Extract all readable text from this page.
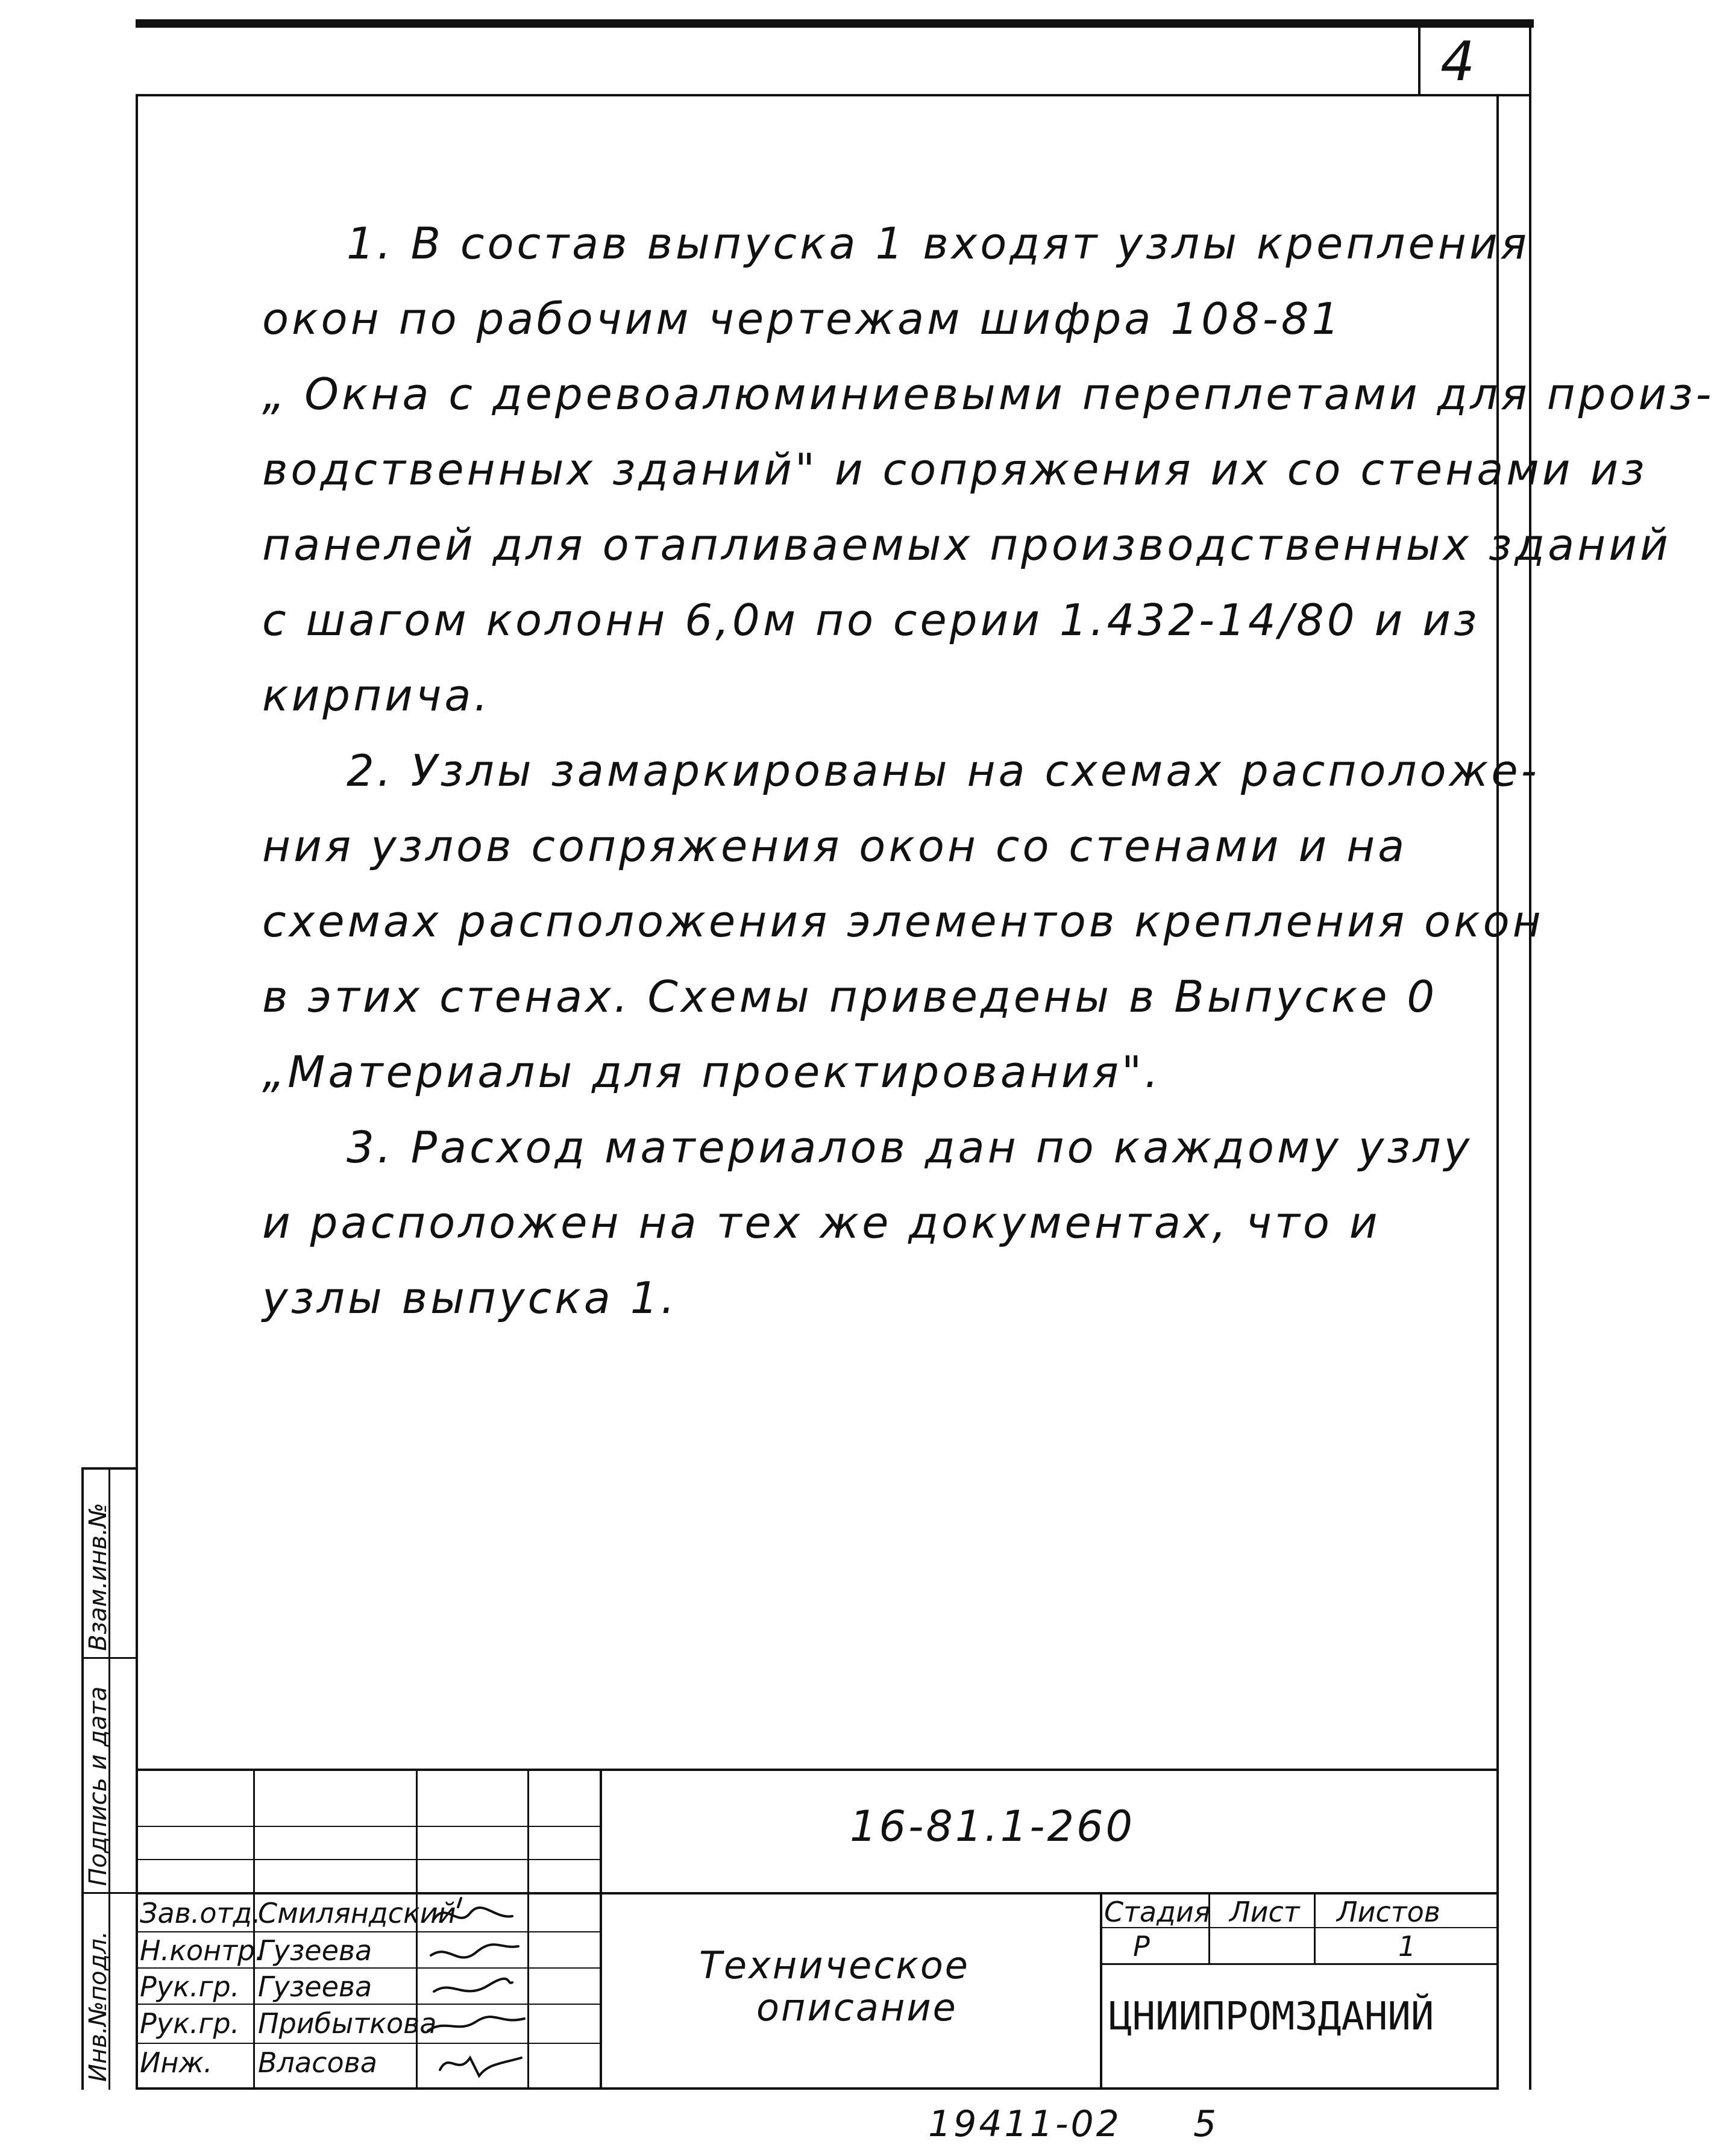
4
1. В состав выпуска 1 входят узлы крепления
окон по рабочим чертежам шифра 108-81
„ Окна с деревоалюминиевыми переплетами для произ-
водственных зданий" и сопряжения их со стенами из
панелей для отапливаемых производственных зданий
с шагом колонн 6,0м по серии 1.432-14/80 и из
кирпича.
2. Узлы замаркированы на схемах расположе-
ния узлов сопряжения окон со стенами и на
схемах расположения элементов крепления окон
в этих стенах. Схемы приведены в Выпуске 0
„Материалы для проектирования".
3. Расход материалов дан по каждому узлу
и расположен на тех же документах, что и
узлы выпуска 1.
Инв.№подл.
Подпись и дата
Взам.инв.№
Зав.отд.
Смиляндский
Н.контр.
Гузеева
Рук.гр. Гузеева
Рук.гр. Прибыткова
Инж. Власова
16-81.1-260
Техническое
описание
Стадия Лист Листов
Р	1
ЦНИИПРОМЗДАНИЙ
19411-02 5
